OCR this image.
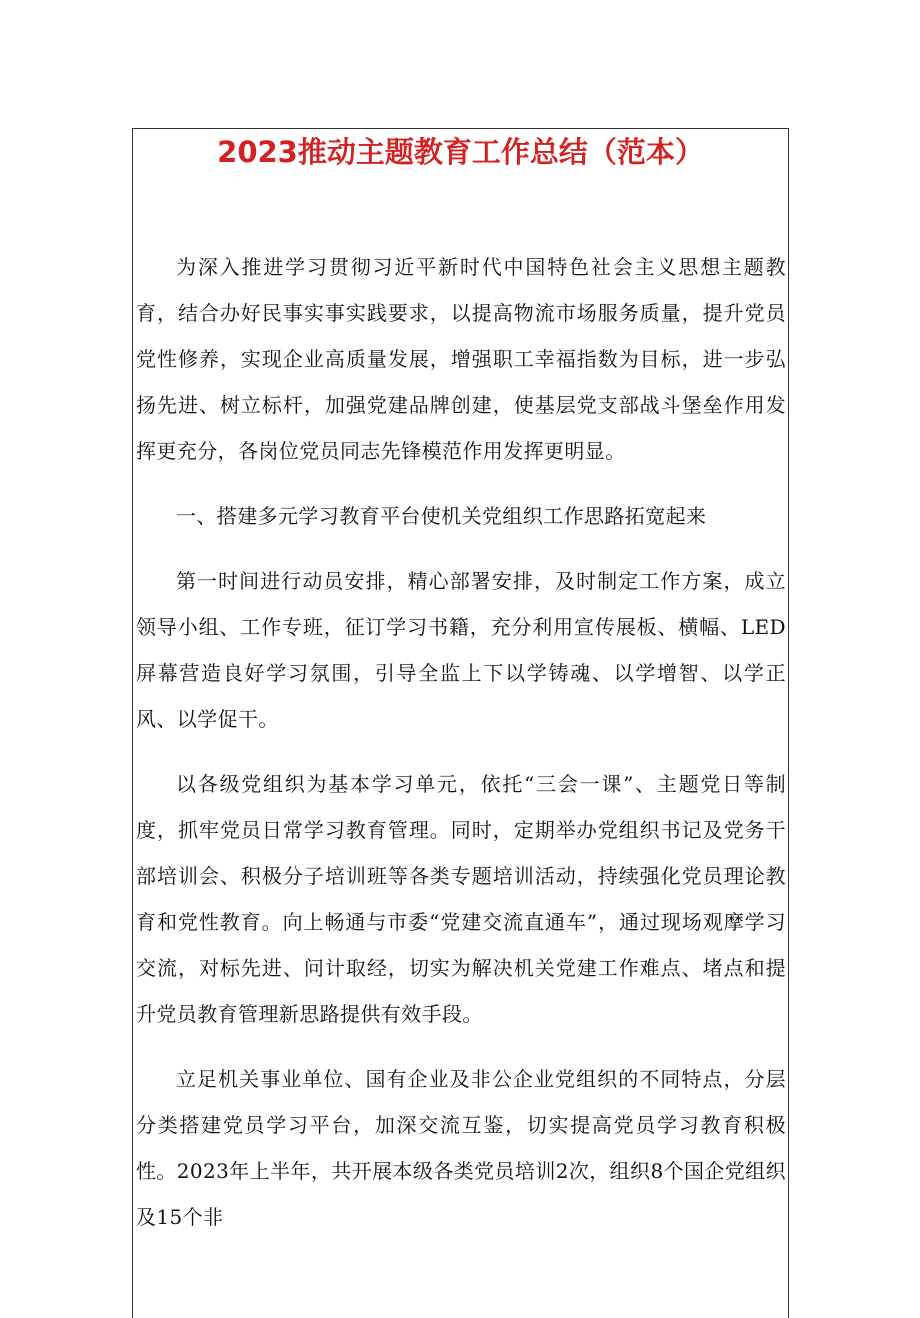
2023推动主题教育工作总结（范本）

为深入推进学习贯彻习近平新时代中国特色社会主义思想主题教育，结合办好民事实事实践要求，以提高物流市场服务质量，提升党员党性修养，实现企业高质量发展，增强职工幸福指数为目标，进一步弘扬先进、树立标杆，加强党建品牌创建，使基层党支部战斗堡垒作用发挥更充分，各岗位党员同志先锋模范作用发挥更明显。

一、搭建多元学习教育平台使机关党组织工作思路拓宽起来

第一时间进行动员安排，精心部署安排，及时制定工作方案，成立领导小组、工作专班，征订学习书籍，充分利用宣传展板、横幅、LED屏幕营造良好学习氛围，引导全监上下以学铸魂、以学增智、以学正风、以学促干。

以各级党组织为基本学习单元，依托“三会一课”、主题党日等制度，抓牢党员日常学习教育管理。同时，定期举办党组织书记及党务干部培训会、积极分子培训班等各类专题培训活动，持续强化党员理论教育和党性教育。向上畅通与市委“党建交流直通车”，通过现场观摩学习交流，对标先进、问计取经，切实为解决机关党建工作难点、堵点和提升党员教育管理新思路提供有效手段。

立足机关事业单位、国有企业及非公企业党组织的不同特点，分层分类搭建党员学习平台，加深交流互鉴，切实提高党员学习教育积极性。2023年上半年，共开展本级各类党员培训2次，组织8个国企党组织及15个非
